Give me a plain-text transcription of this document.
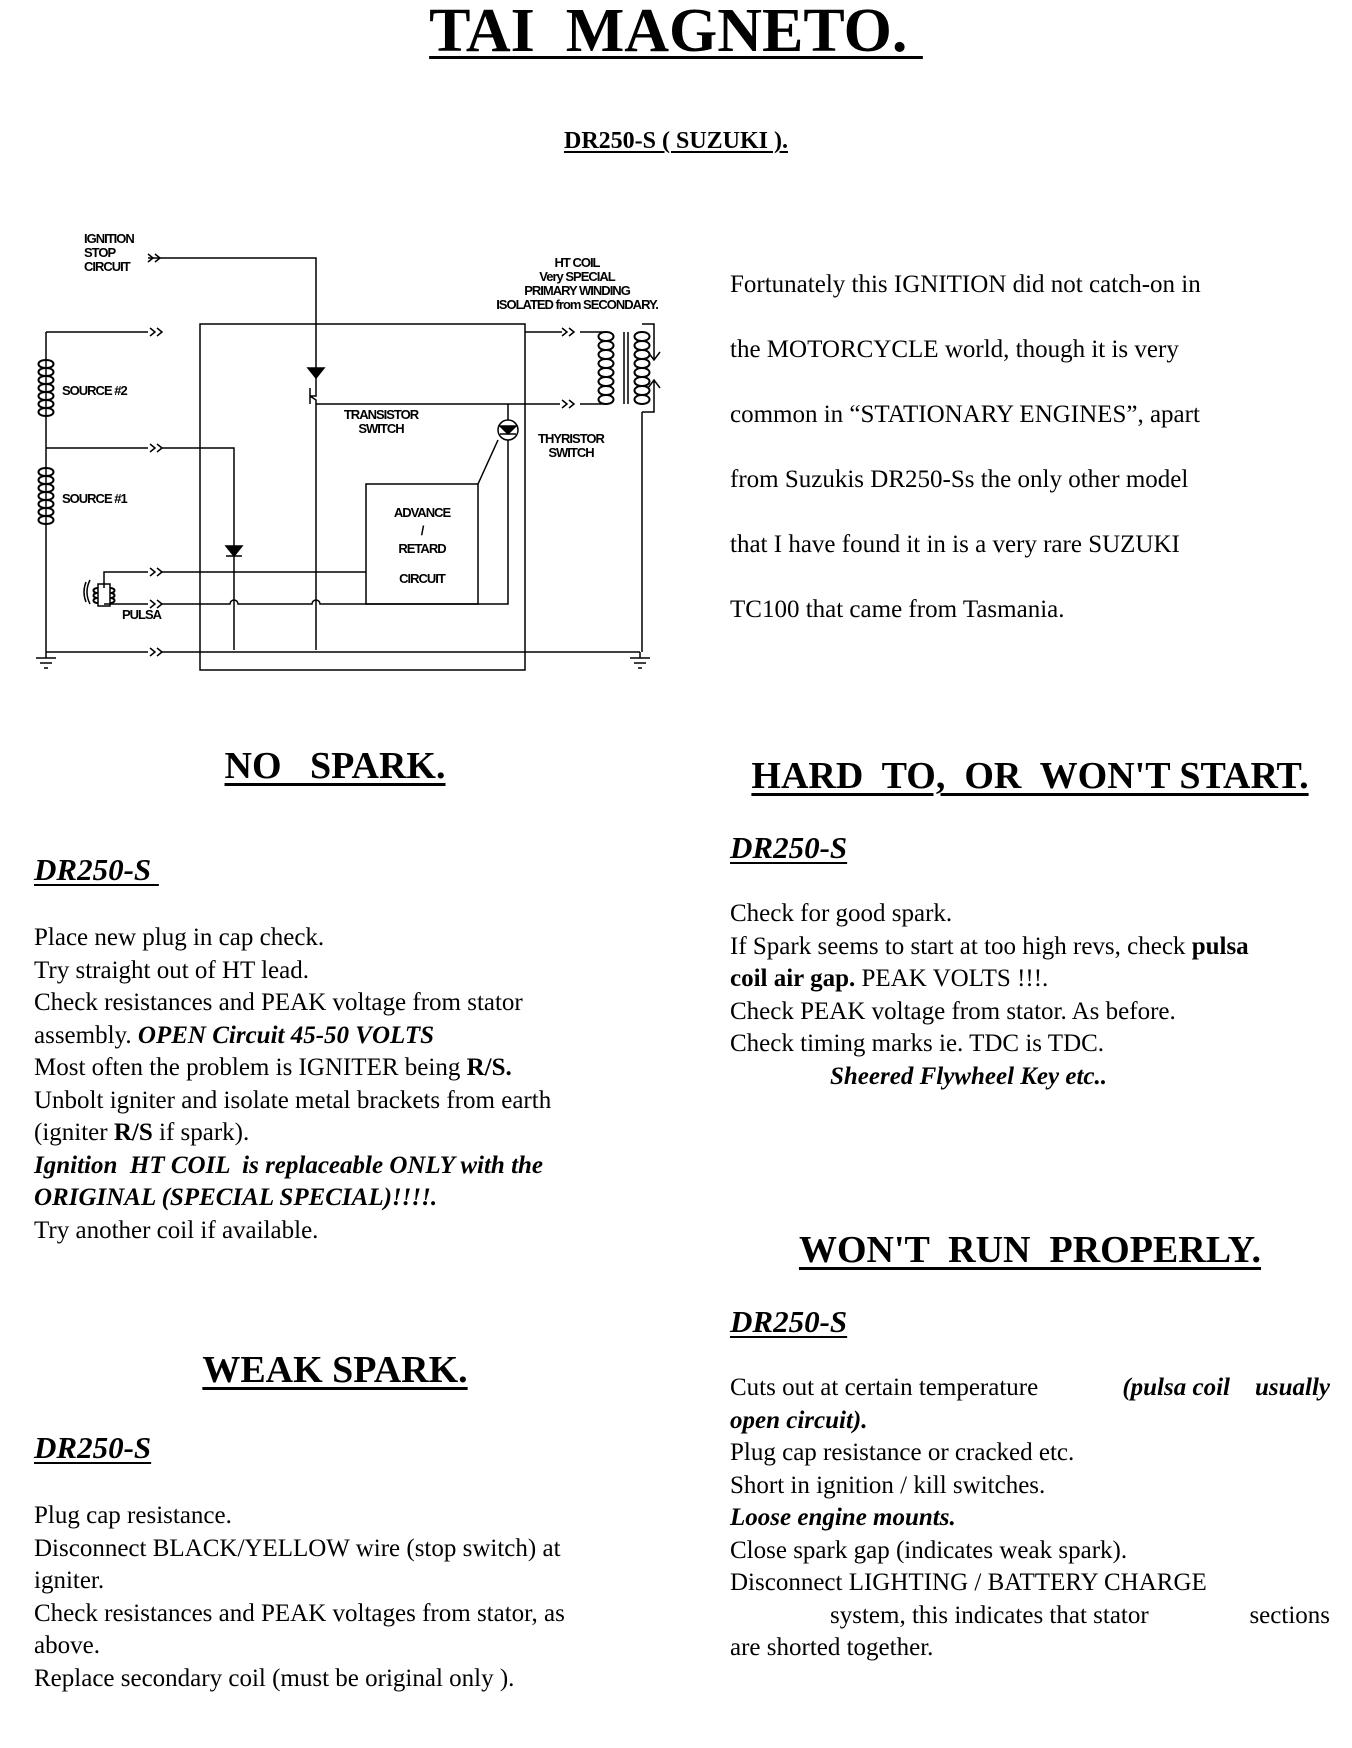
TAI  MAGNETO.
DR250-S ( SUZUKI ).
IGNITION
STOP
CIRCUIT	HT COIL
Very SPECIAL
PRIMARY WINDING
ISOLATED from SECONDARY.
SOURCE #2
SOURCE #1
PULSA
TRANSISTOR
SWITCH
THYRISTOR
SWITCH
ADVANCE
/
RETARD
CIRCUIT
Fortunately this IGNITION did not catch-on in
the MOTORCYCLE world, though it is very
common in “STATIONARY ENGINES”, apart
from Suzukis DR250-Ss the only other model
that I have found it in is a very rare SUZUKI
TC100 that came from Tasmania.
NO   SPARK.
DR250-S
Place new plug in cap check.
Try straight out of HT lead.
Check resistances and PEAK voltage from stator
assembly. OPEN Circuit 45-50 VOLTS
Most often the problem is IGNITER being R/S.
Unbolt igniter and isolate metal brackets from earth
(igniter R/S if spark).
Ignition  HT COIL  is replaceable ONLY with the
ORIGINAL (SPECIAL SPECIAL)!!!!.
Try another coil if available.
WEAK SPARK.
DR250-S
Plug cap resistance.
Disconnect BLACK/YELLOW wire (stop switch) at
igniter.
Check resistances and PEAK voltages from stator, as
above.
Replace secondary coil (must be original only ).
HARD  TO,  OR  WON'T START.
DR250-S
Check for good spark.
If Spark seems to start at too high revs, check pulsa
coil air gap. PEAK VOLTS !!!.
Check PEAK voltage from stator. As before.
Check timing marks ie. TDC is TDC.
Sheered Flywheel Key etc..
WON'T  RUN  PROPERLY.
DR250-S
Cuts out at certain temperature	(pulsa coil    usually
open circuit).
Plug cap resistance or cracked etc.
Short in ignition / kill switches.
Loose engine mounts.
Close spark gap (indicates weak spark).
Disconnect LIGHTING / BATTERY CHARGE
system, this indicates that stator	sections
are shorted together.
